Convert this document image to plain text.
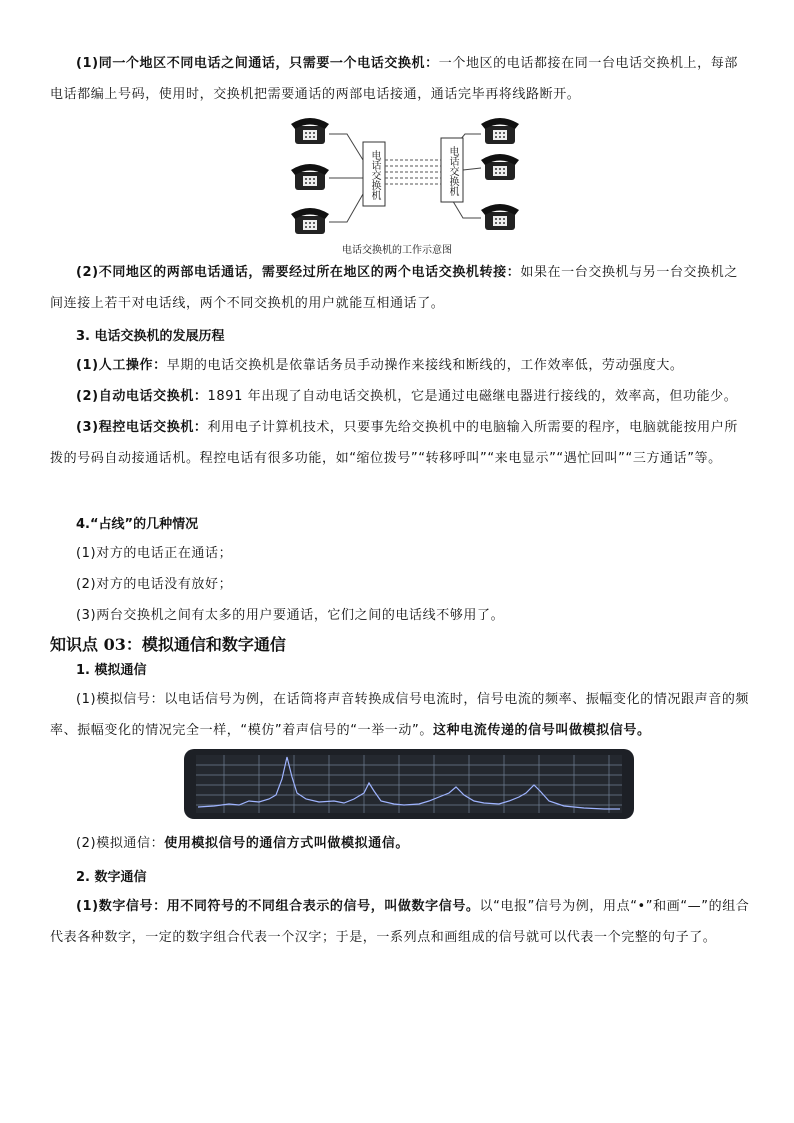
(1)同一个地区不同电话之间通话，只需要一个电话交换机：一个地区的电话都接在同一台电话交换机上，每部电话都编上号码，使用时，交换机把需要通话的两部电话接通，通话完毕再将线路断开。

电话交换机	电话交换机
电话交换机的工作示意图

(2)不同地区的两部电话通话，需要经过所在地区的两个电话交换机转接：如果在一台交换机与另一台交换机之间连接上若干对电话线，两个不同交换机的用户就能互相通话了。

3. 电话交换机的发展历程

(1)人工操作：早期的电话交换机是依靠话务员手动操作来接线和断线的，工作效率低，劳动强度大。

(2)自动电话交换机：1891 年出现了自动电话交换机，它是通过电磁继电器进行接线的，效率高，但功能少。

(3)程控电话交换机：利用电子计算机技术，只要事先给交换机中的电脑输入所需要的程序，电脑就能按用户所拨的号码自动接通话机。程控电话有很多功能，如“缩位拨号”“转移呼叫”“来电显示”“遇忙回叫”“三方通话”等。

4.“占线”的几种情况

(1)对方的电话正在通话；

(2)对方的电话没有放好；

(3)两台交换机之间有太多的用户要通话，它们之间的电话线不够用了。

知识点 03：模拟通信和数字通信
1. 模拟通信

(1)模拟信号：以电话信号为例，在话筒将声音转换成信号电流时，信号电流的频率、振幅变化的情况跟声音的频率、振幅变化的情况完全一样，“模仿”着声信号的“一举一动”。这种电流传递的信号叫做模拟信号。

(2)模拟通信：使用模拟信号的通信方式叫做模拟通信。

2. 数字通信

(1)数字信号：用不同符号的不同组合表示的信号，叫做数字信号。以“电报”信号为例，用点“•”和画“—”的组合代表各种数字，一定的数字组合代表一个汉字；于是，一系列点和画组成的信号就可以代表一个完整的句子了。
